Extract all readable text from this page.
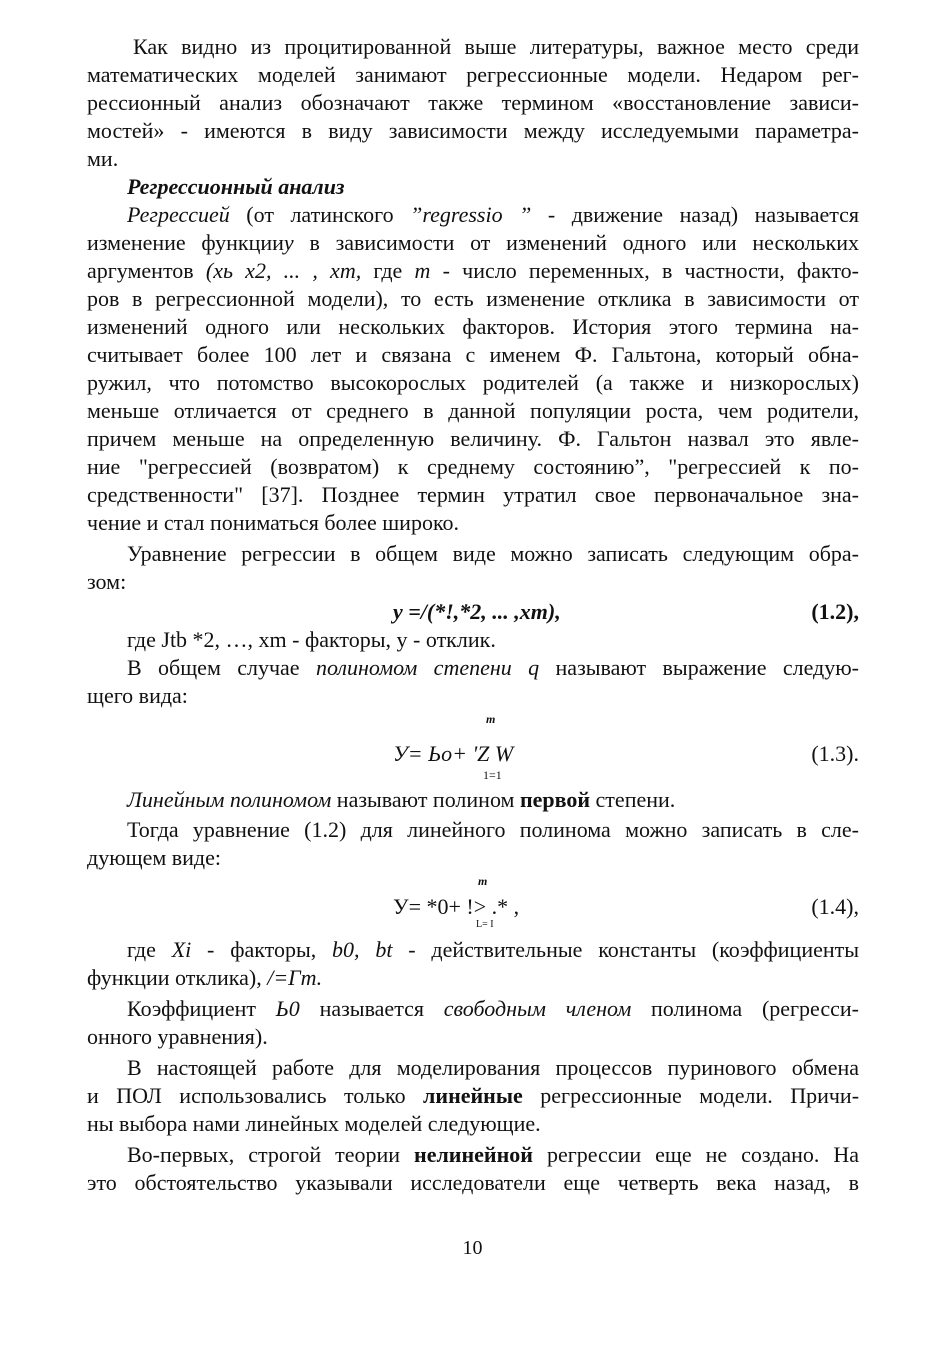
Как видно из процитированной выше литературы, важное место среди
математических моделей занимают регрессионные модели. Недаром рег-
рессионный анализ обозначают также термином «восстановление зависи-
мостей» - имеются в виду зависимости между исследуемыми параметра-
ми.
Регрессионный анализ
Регрессией (от латинского ”regressio ” - движение назад) называется
изменение функцииy в зависимости от изменений одного или нескольких
аргументов (xь x2, ... , xm, где m - число переменных, в частности, факто-
ров в регрессионной модели), то есть изменение отклика в зависимости от
изменений одного или нескольких факторов. История этого термина на-
считывает более 100 лет и связана с именем Ф. Гальтона, который обна-
ружил, что потомство высокорослых родителей (а также и низкорослых)
меньше отличается от среднего в данной популяции роста, чем родители,
причем меньше на определенную величину. Ф. Гальтон назвал это явле-
ние "регрессией (возвратом) к среднему состоянию”, "регрессией к по-
средственности" [37]. Позднее термин утратил свое первоначальное зна-
чение и стал пониматься более широко.
Уравнение регрессии в общем виде можно записать следующим обра-
зом:
y =/(*!,*2, ... ,xm),	(1.2),
где Jtb *2, …, xm - факторы, y - отклик.
В общем случае полиномом степени q называют выражение следую-
щего вида:
m
У= Ьо+ 'Z W
1=1
(1.3).
Линейным полиномом называют полином первой степени.
Тогда уравнение (1.2) для линейного полинома можно записать в сле-
дующем виде:
m
У= *0+ !> .* ,
L= I
(1.4),
где Xi - факторы, b0, bt - действительные константы (коэффициенты
функции отклика), /=Гm.
Коэффициент Ь0 называется свободным членом полинома (регресси-
онного уравнения).
В настоящей работе для моделирования процессов пуринового обмена
и ПОЛ использовались только линейные регрессионные модели. Причи-
ны выбора нами линейных моделей следующие.
Во-первых, строгой теории нелинейной регрессии еще не создано. На
это обстоятельство указывали исследователи еще четверть века назад, в
10
